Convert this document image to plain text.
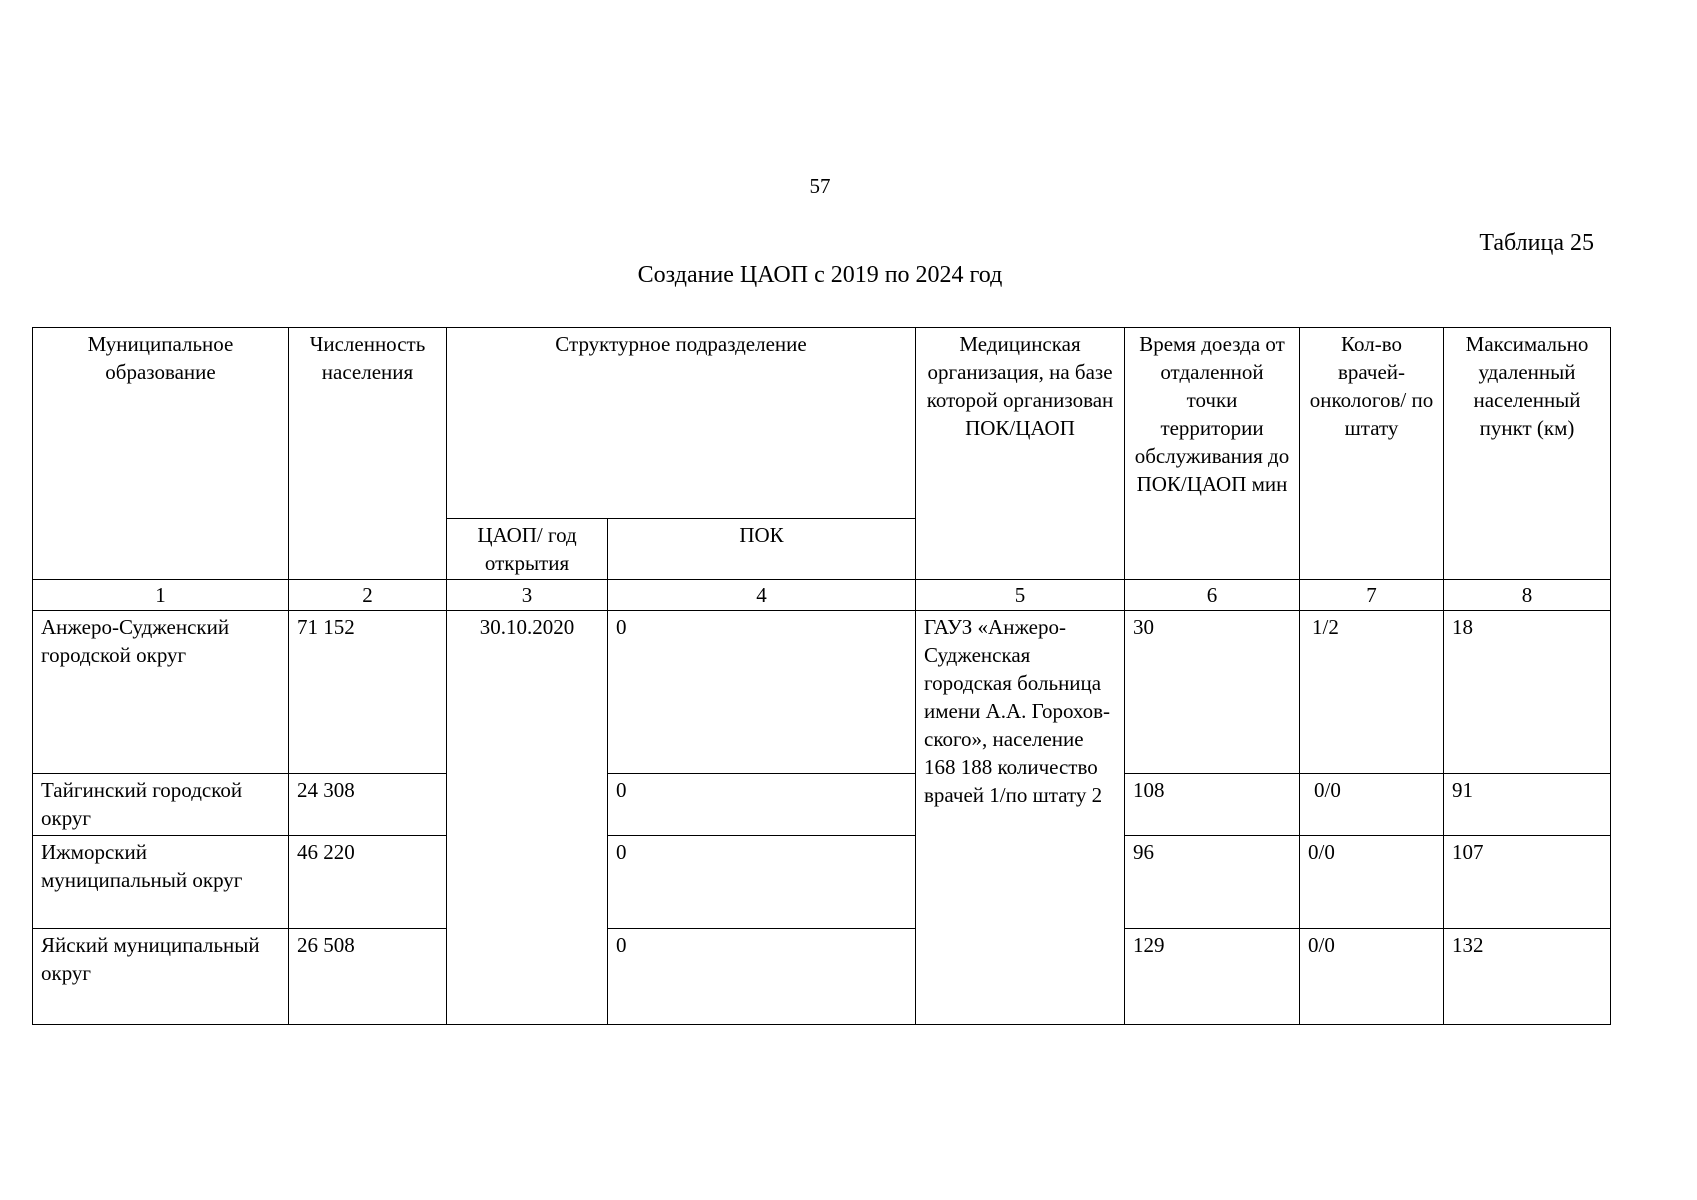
57
Таблица 25
Создание ЦАОП с 2019 по 2024 год
Муниципальное образование	Численность населения	Структурное подразделение		Медицинская организация, на базе которой организован ПОК/ЦАОП	Время доезда от отдаленной точки территории обслуживания до ПОК/ЦАОП мин	Кол-во врачей-онкологов/ по штату	Максимально удаленный населенный пункт (км)
		ЦАОП/ год открытия	ПОК				
1	2	3	4	5	6	7	8
Анжеро-Судженский городской округ	71 152	30.10.2020	0	ГАУЗ «Анжеро-Судженская городская больница имени А.А. Горохов-ского», население 168 188 количество врачей 1/по штату 2	30	1/2	18
Тайгинский городской округ	24 308		0		108	0/0	91
Ижморский муниципальный округ	46 220		0		96	0/0	107
Яйский муниципальный округ	26 508		0		129	0/0	132
